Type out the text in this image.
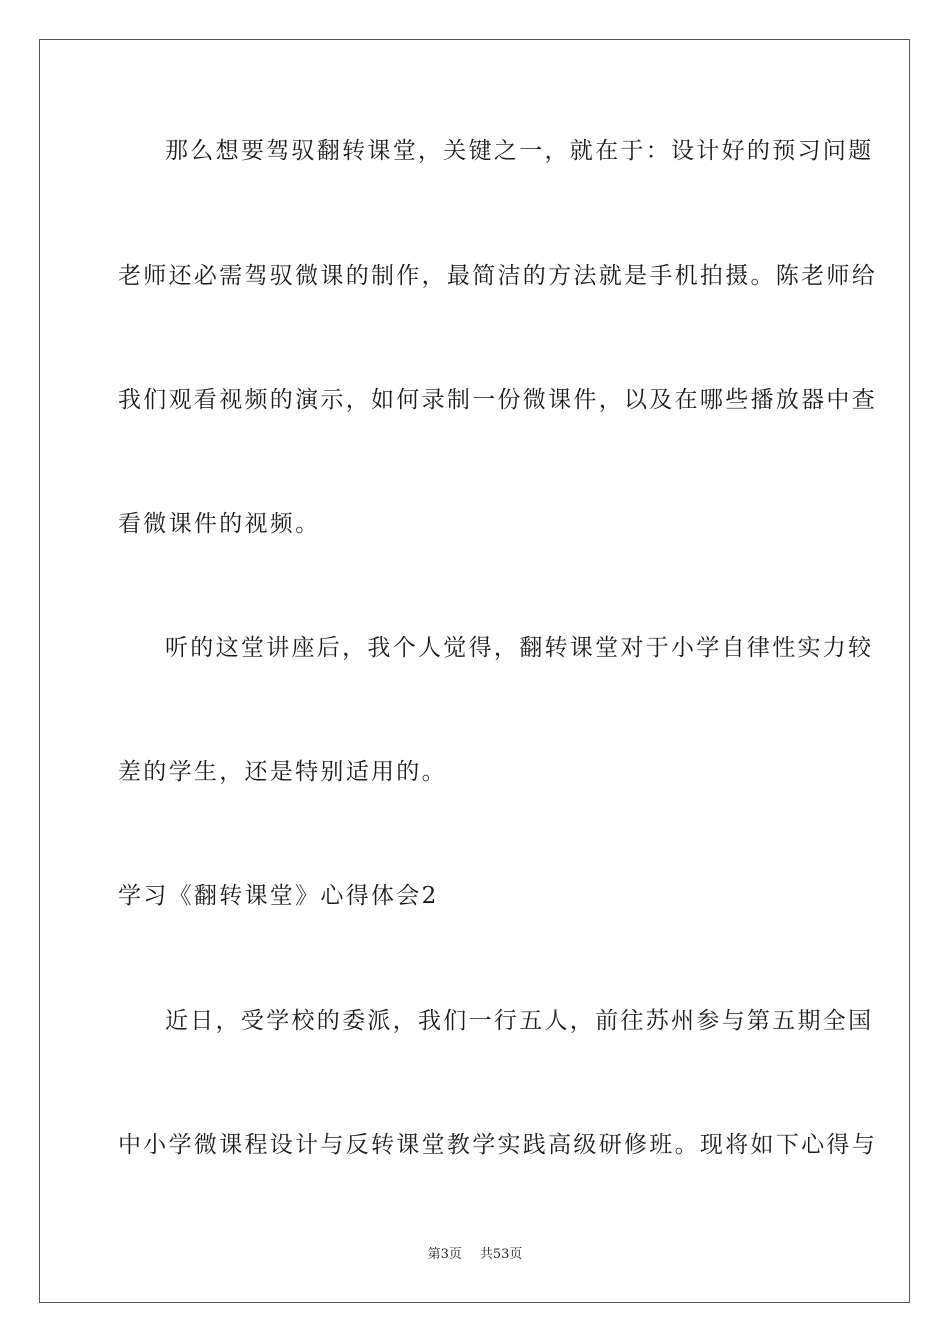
那么想要驾驭翻转课堂，关键之一，就在于：设计好的预习问题
老师还必需驾驭微课的制作，最简洁的方法就是手机拍摄。陈老师给
我们观看视频的演示，如何录制一份微课件，以及在哪些播放器中查
看微课件的视频。
听的这堂讲座后，我个人觉得，翻转课堂对于小学自律性实力较
差的学生，还是特别适用的。
学习《翻转课堂》心得体会2
近日，受学校的委派，我们一行五人，前往苏州参与第五期全国
中小学微课程设计与反转课堂教学实践高级研修班。现将如下心得与
第3页 共53页
